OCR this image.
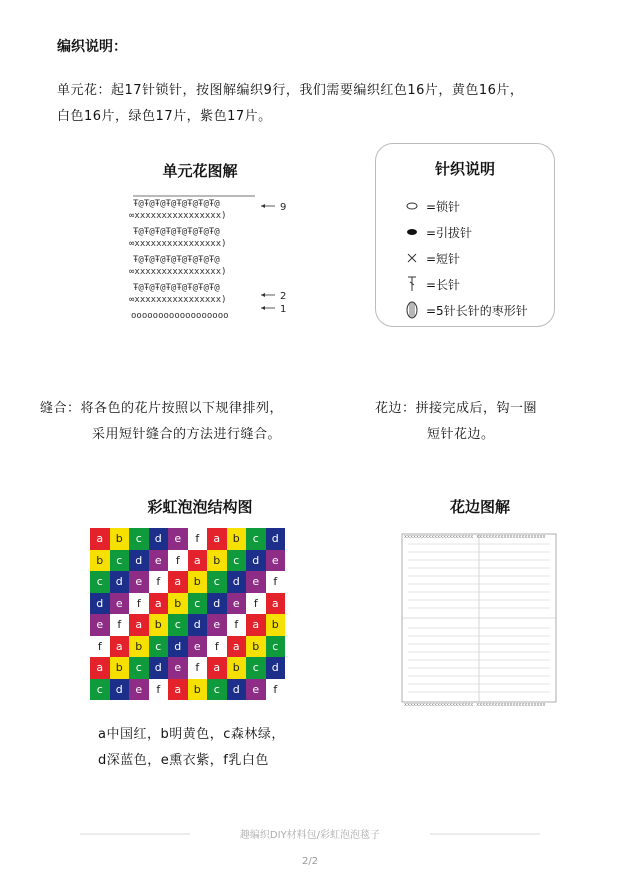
编织说明：
单元花：起17针锁针，按图解编织9行，我们需要编织红色16片，黄色16片，
白色16片，绿色17片，紫色17片。
单元花图解
Ŧ@Ŧ@Ŧ@Ŧ@Ŧ@Ŧ@Ŧ@Ŧ@
∞xxxxxxxxxxxxxxxx)
Ŧ@Ŧ@Ŧ@Ŧ@Ŧ@Ŧ@Ŧ@Ŧ@
∞xxxxxxxxxxxxxxxx)
Ŧ@Ŧ@Ŧ@Ŧ@Ŧ@Ŧ@Ŧ@Ŧ@
∞xxxxxxxxxxxxxxxx)
Ŧ@Ŧ@Ŧ@Ŧ@Ŧ@Ŧ@Ŧ@Ŧ@
∞xxxxxxxxxxxxxxxx)
oooooooooooooooooo
9
2
1
针织说明
=锁针
=引拔针
=短针
=长针
=5针长针的枣形针
缝合：将各色的花片按照以下规律排列，
采用短针缝合的方法进行缝合。
花边：拼接完成后，钩一圈
短针花边。
彩虹泡泡结构图
a	b	c	d	e	f	a	b	c	d
b	c	d	e	f	a	b	c	d	e
c	d	e	f	a	b	c	d	e	f
d	e	f	a	b	c	d	e	f	a
e	f	a	b	c	d	e	f	a	b
f	a	b	c	d	e	f	a	b	c
a	b	c	d	e	f	a	b	c	d
c	d	e	f	a	b	c	d	e	f
a中国红，b明黄色，c森林绿，
d深蓝色，e熏衣紫，f乳白色
花边图解
xxxxxxxxxxxxxxxxxxxxxxx xxxxxxxxxxxxxxxxxxxxxxx
xxxxxxxxxxxxxxxxxxxxxxx xxxxxxxxxxxxxxxxxxxxxxx
趣编织DIY材料包/彩虹泡泡毯子
2/2
